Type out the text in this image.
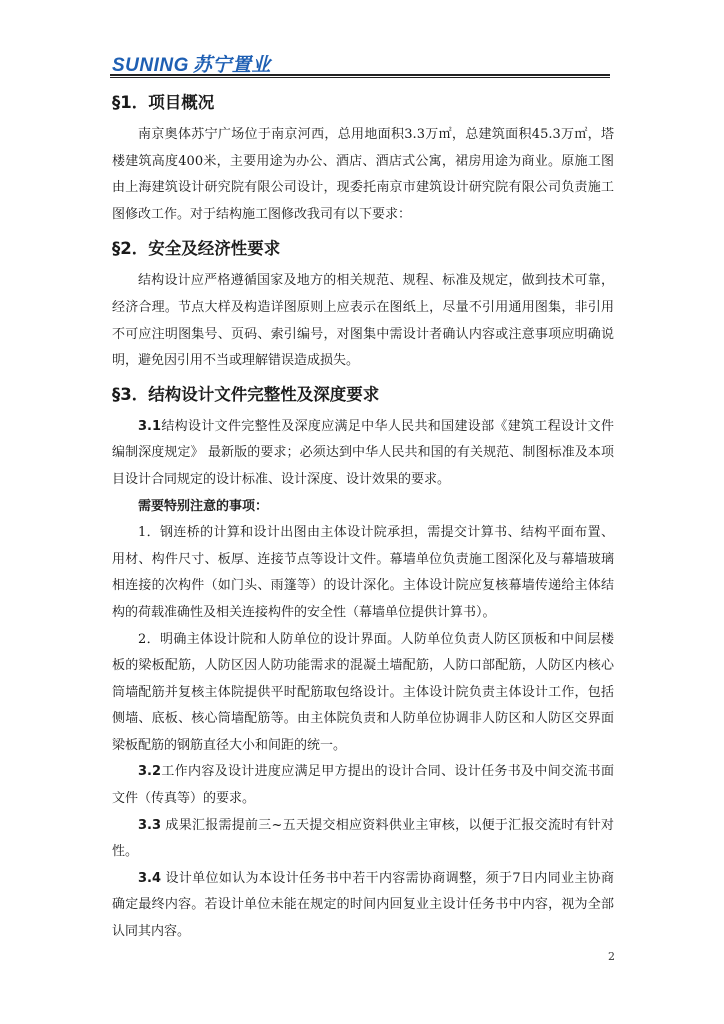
SUNING 苏宁置业
§1．项目概况

南京奥体苏宁广场位于南京河西，总用地面积3.3万㎡，总建筑面积45.3万㎡，塔楼建筑高度400米，主要用途为办公、酒店、酒店式公寓，裙房用途为商业。原施工图由上海建筑设计研究院有限公司设计，现委托南京市建筑设计研究院有限公司负责施工图修改工作。对于结构施工图修改我司有以下要求：

§2．安全及经济性要求

结构设计应严格遵循国家及地方的相关规范、规程、标准及规定，做到技术可靠，经济合理。节点大样及构造详图原则上应表示在图纸上，尽量不引用通用图集，非引用不可应注明图集号、页码、索引编号，对图集中需设计者确认内容或注意事项应明确说明，避免因引用不当或理解错误造成损失。

§3．结构设计文件完整性及深度要求

3.1结构设计文件完整性及深度应满足中华人民共和国建设部《建筑工程设计文件编制深度规定》 最新版的要求；必须达到中华人民共和国的有关规范、制图标准及本项目设计合同规定的设计标准、设计深度、设计效果的要求。

需要特别注意的事项：

1．钢连桥的计算和设计出图由主体设计院承担，需提交计算书、结构平面布置、用材、构件尺寸、板厚、连接节点等设计文件。幕墙单位负责施工图深化及与幕墙玻璃相连接的次构件（如门头、雨篷等）的设计深化。主体设计院应复核幕墙传递给主体结构的荷载准确性及相关连接构件的安全性（幕墙单位提供计算书）。

2．明确主体设计院和人防单位的设计界面。人防单位负责人防区顶板和中间层楼板的梁板配筋，人防区因人防功能需求的混凝土墙配筋，人防口部配筋，人防区内核心筒墙配筋并复核主体院提供平时配筋取包络设计。主体设计院负责主体设计工作，包括侧墙、底板、核心筒墙配筋等。由主体院负责和人防单位协调非人防区和人防区交界面梁板配筋的钢筋直径大小和间距的统一。

3.2工作内容及设计进度应满足甲方提出的设计合同、设计任务书及中间交流书面文件（传真等）的要求。

3.3 成果汇报需提前三~五天提交相应资料供业主审核，以便于汇报交流时有针对性。

3.4 设计单位如认为本设计任务书中若干内容需协商调整，须于7日内同业主协商确定最终内容。若设计单位未能在规定的时间内回复业主设计任务书中内容，视为全部认同其内容。

2
